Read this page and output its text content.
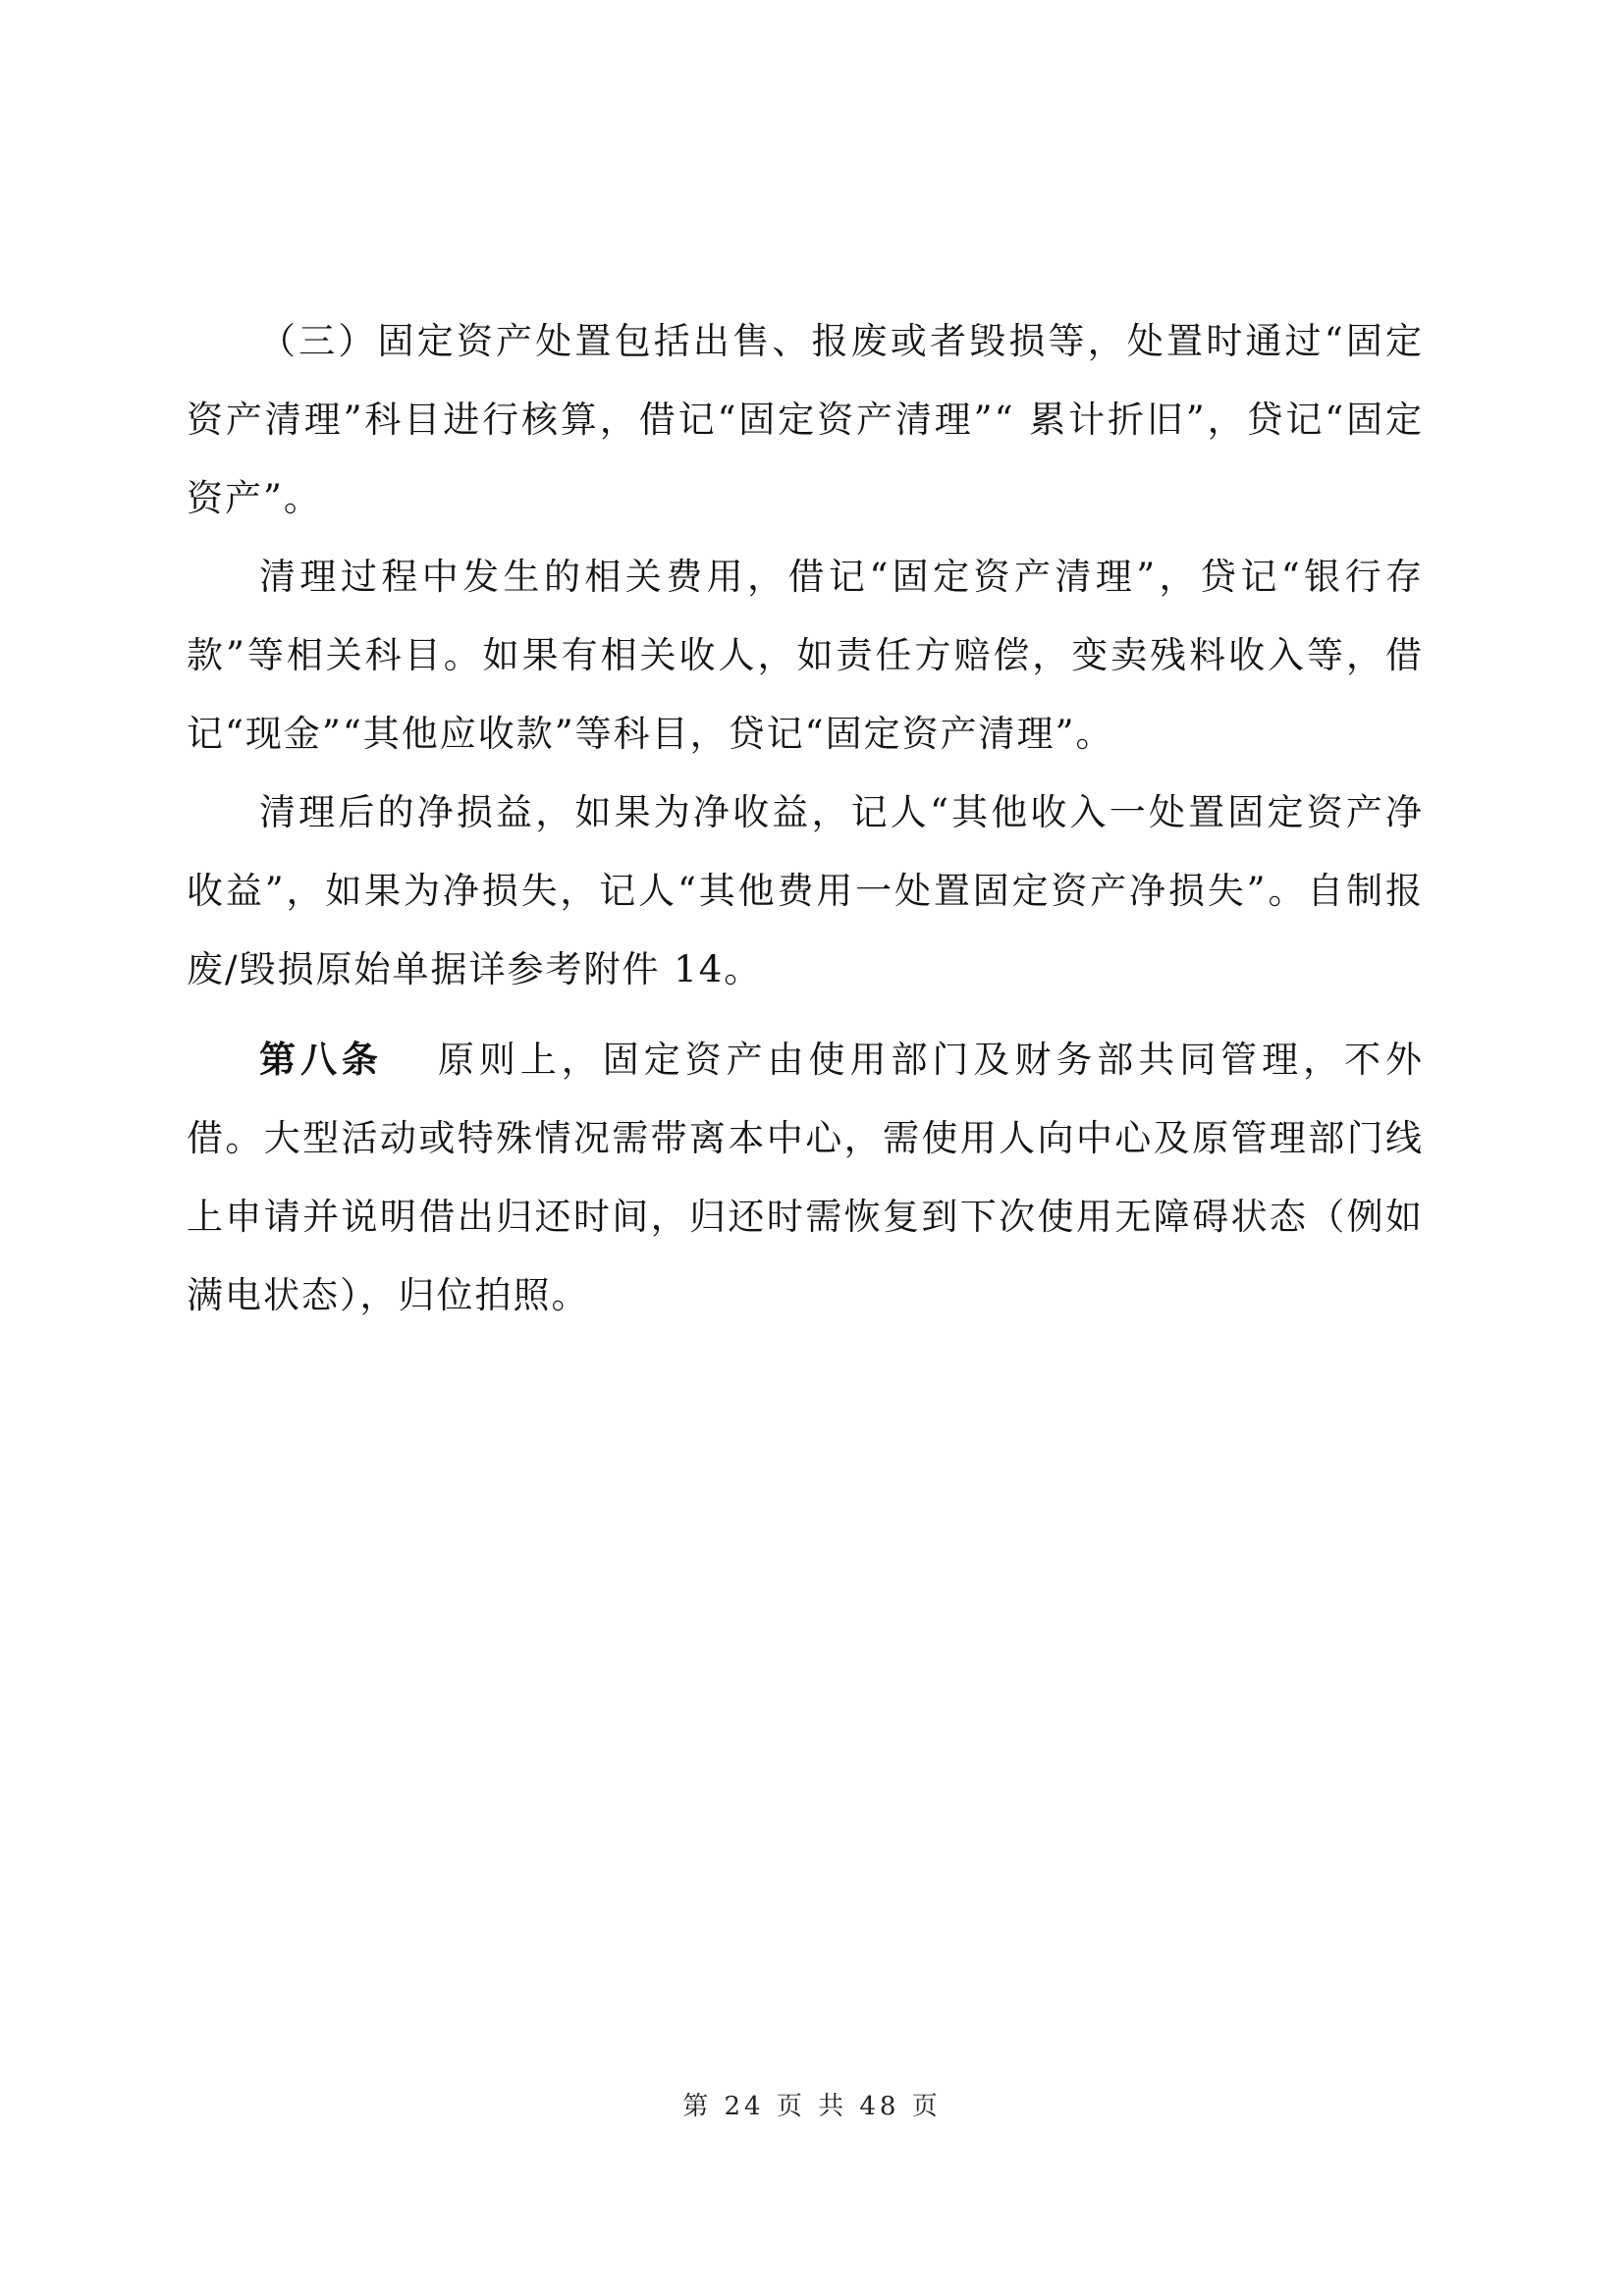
（三）固定资产处置包括出售、报废或者毁损等，处置时通过“固定资产清理”科目进行核算，借记“固定资产清理”“ 累计折旧”，贷记“固定资产”。

清理过程中发生的相关费用，借记“固定资产清理”，贷记“银行存款”等相关科目。如果有相关收人，如责任方赔偿，变卖残料收入等，借记“现金”“其他应收款”等科目，贷记“固定资产清理”。

清理后的净损益，如果为净收益，记人“其他收入一处置固定资产净收益”，如果为净损失，记人“其他费用一处置固定资产净损失”。自制报废/毁损原始单据详参考附件 14。

第八条 原则上，固定资产由使用部门及财务部共同管理，不外借。大型活动或特殊情况需带离本中心，需使用人向中心及原管理部门线上申请并说明借出归还时间，归还时需恢复到下次使用无障碍状态（例如满电状态），归位拍照。

第 24 页 共 48 页
